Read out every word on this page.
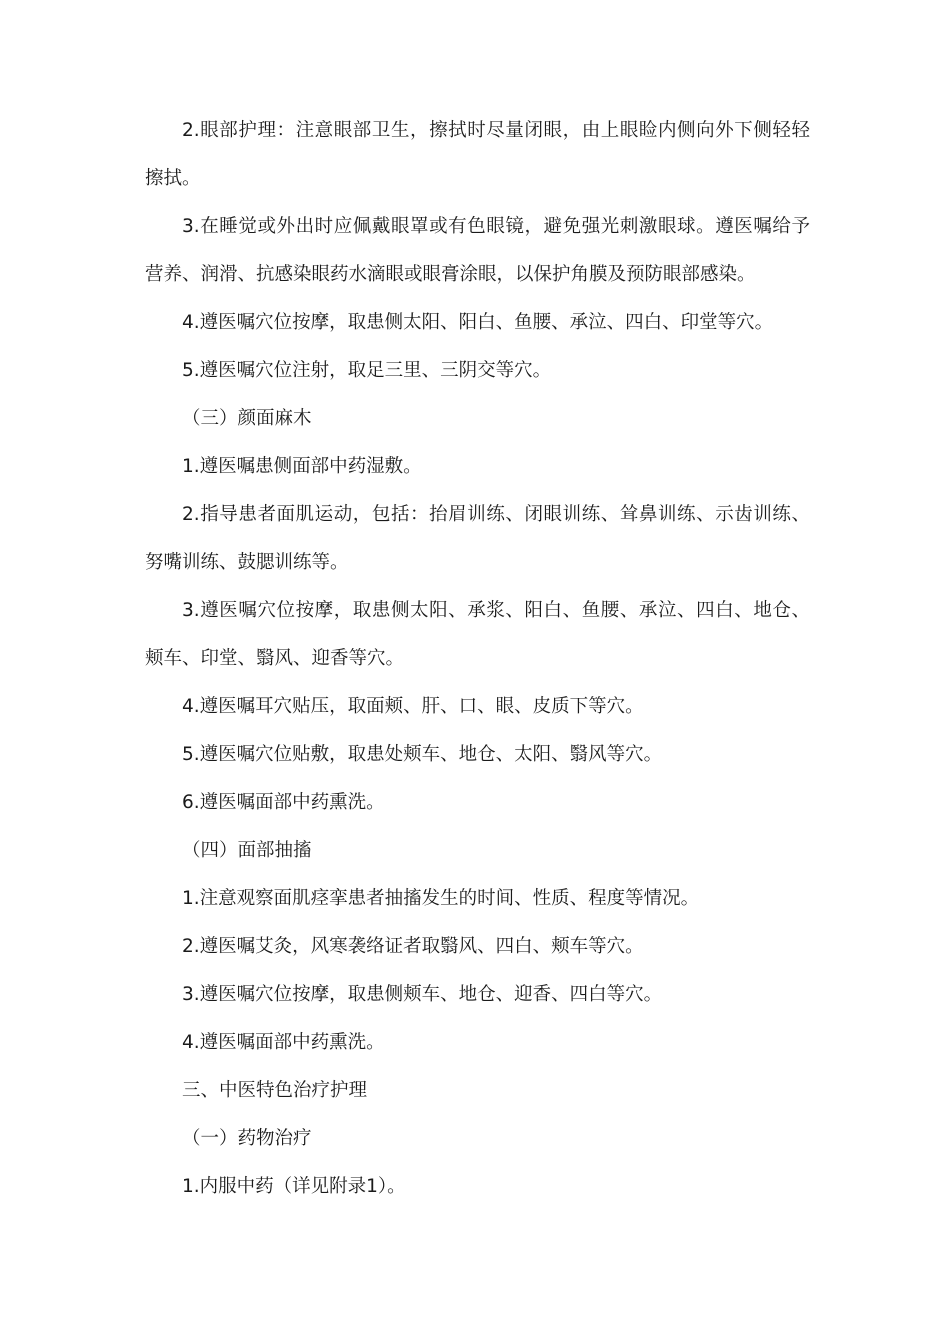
2.眼部护理：注意眼部卫生，擦拭时尽量闭眼，由上眼睑内侧向外下侧轻轻擦拭。

3.在睡觉或外出时应佩戴眼罩或有色眼镜，避免强光刺激眼球。遵医嘱给予营养、润滑、抗感染眼药水滴眼或眼膏涂眼，以保护角膜及预防眼部感染。

4.遵医嘱穴位按摩，取患侧太阳、阳白、鱼腰、承泣、四白、印堂等穴。

5.遵医嘱穴位注射，取足三里、三阴交等穴。

（三）颜面麻木

1.遵医嘱患侧面部中药湿敷。

2.指导患者面肌运动，包括：抬眉训练、闭眼训练、耸鼻训练、示齿训练、努嘴训练、鼓腮训练等。

3.遵医嘱穴位按摩，取患侧太阳、承浆、阳白、鱼腰、承泣、四白、地仓、颊车、印堂、翳风、迎香等穴。

4.遵医嘱耳穴贴压，取面颊、肝、口、眼、皮质下等穴。

5.遵医嘱穴位贴敷，取患处颊车、地仓、太阳、翳风等穴。

6.遵医嘱面部中药熏洗。

（四）面部抽搐

1.注意观察面肌痉挛患者抽搐发生的时间、性质、程度等情况。

2.遵医嘱艾灸，风寒袭络证者取翳风、四白、颊车等穴。

3.遵医嘱穴位按摩，取患侧颊车、地仓、迎香、四白等穴。

4.遵医嘱面部中药熏洗。

三、中医特色治疗护理

（一）药物治疗

1.内服中药（详见附录1）。
